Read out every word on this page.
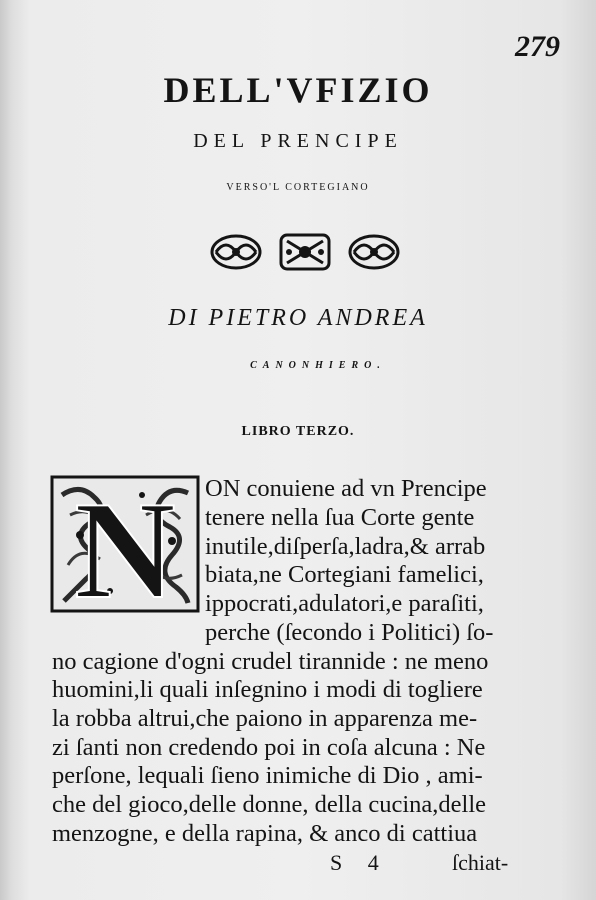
279
DELL'VFIZIO
DEL PRENCIPE
VERSO'L CORTEGIANO
DI PIETRO ANDREA
CANONHIERO.
LIBRO TERZO.
N ON conuiene ad vn Prencipe
tenere nella ſua Corte gente
inutile,diſperſa,ladra,& arrab
biata,ne Cortegiani famelici,
ippocrati,adulatori,e paraſiti,
perche (ſecondo i Politici) ſo-
no cagione d'ogni crudel tirannide : ne meno
huomini,li quali inſegnino i modi di togliere
la robba altrui,che paiono in apparenza me-
zi ſanti non credendo poi in coſa alcuna : Ne
perſone, lequali ſieno inimiche di Dio , ami-
che del gioco,delle donne, della cucina,delle
menzogne, e della rapina, & anco di cattiua
S 4	ſchiat-
